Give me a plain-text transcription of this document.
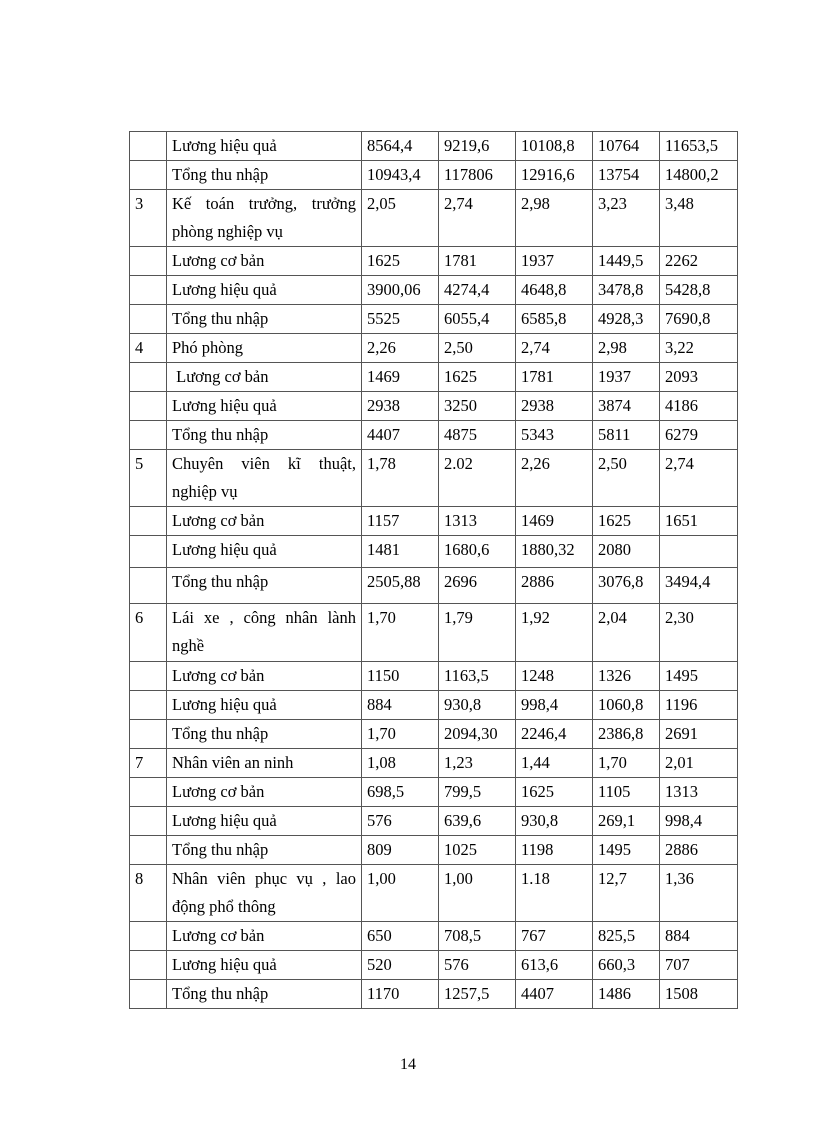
	Lương hiệu quả	8564,4	9219,6	10108,8	10764	11653,5
	Tổng thu nhập	10943,4	117806	12916,6	13754	14800,2
3	Kế toán trưởng, trưởng phòng nghiệp vụ	2,05	2,74	2,98	3,23	3,48
	Lương cơ bản	1625	1781	1937	1449,5	2262
	Lương hiệu quả	3900,06	4274,4	4648,8	3478,8	5428,8
	Tổng thu nhập	5525	6055,4	6585,8	4928,3	7690,8
4	Phó phòng	2,26	2,50	2,74	2,98	3,22
	Lương cơ bản	1469	1625	1781	1937	2093
	Lương hiệu quả	2938	3250	2938	3874	4186
	Tổng thu nhập	4407	4875	5343	5811	6279
5	Chuyên viên kĩ thuật, nghiệp vụ	1,78	2.02	2,26	2,50	2,74
	Lương cơ bản	1157	1313	1469	1625	1651
	Lương hiệu quả	1481	1680,6	1880,32	2080	
	Tổng thu nhập	2505,88	2696	2886	3076,8	3494,4
6	Lái xe , công nhân lành nghề	1,70	1,79	1,92	2,04	2,30
	Lương cơ bản	1150	1163,5	1248	1326	1495
	Lương hiệu quả	884	930,8	998,4	1060,8	1196
	Tổng thu nhập	1,70	2094,30	2246,4	2386,8	2691
7	Nhân viên an ninh	1,08	1,23	1,44	1,70	2,01
	Lương cơ bản	698,5	799,5	1625	1105	1313
	Lương hiệu quả	576	639,6	930,8	269,1	998,4
	Tổng thu nhập	809	1025	1198	1495	2886
8	Nhân viên phục vụ , lao động phổ thông	1,00	1,00	1.18	12,7	1,36
	Lương cơ bản	650	708,5	767	825,5	884
	Lương hiệu quả	520	576	613,6	660,3	707
	Tổng thu nhập	1170	1257,5	4407	1486	1508
14
